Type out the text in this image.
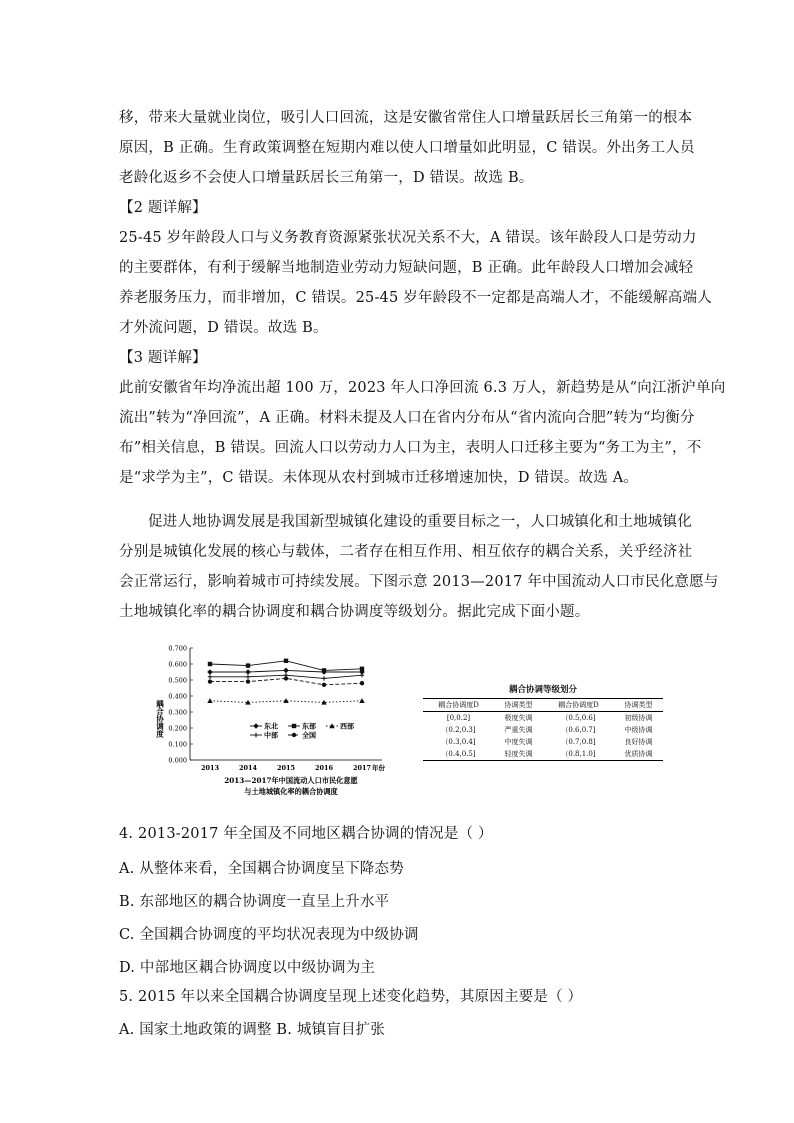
移，带来大量就业岗位，吸引人口回流，这是安徽省常住人口增量跃居长三角第一的根本
原因，B 正确。生育政策调整在短期内难以使人口增量如此明显，C 错误。外出务工人员
老龄化返乡不会使人口增量跃居长三角第一，D 错误。故选 B。
【2 题详解】
25-45 岁年龄段人口与义务教育资源紧张状况关系不大，A 错误。该年龄段人口是劳动力
的主要群体，有利于缓解当地制造业劳动力短缺问题，B 正确。此年龄段人口增加会减轻
养老服务压力，而非增加，C 错误。25-45 岁年龄段不一定都是高端人才，不能缓解高端人
才外流问题，D 错误。故选 B。
【3 题详解】
此前安徽省年均净流出超 100 万，2023 年人口净回流 6.3 万人，新趋势是从“向江浙沪单向
流出”转为“净回流”，A 正确。材料未提及人口在省内分布从“省内流向合肥”转为“均衡分
布”相关信息，B 错误。回流人口以劳动力人口为主，表明人口迁移主要为“务工为主”，不
是“求学为主”，C 错误。未体现从农村到城市迁移增速加快，D 错误。故选 A。
促进人地协调发展是我国新型城镇化建设的重要目标之一，人口城镇化和土地城镇化
分别是城镇化发展的核心与载体，二者存在相互作用、相互依存的耦合关系，关乎经济社
会正常运行，影响着城市可持续发展。下图示意 2013—2017 年中国流动人口市民化意愿与
土地城镇化率的耦合协调度和耦合协调度等级划分。据此完成下面小题。
4. 2013-2017 年全国及不同地区耦合协调的情况是（ ）
A. 从整体来看，全国耦合协调度呈下降态势
B. 东部地区的耦合协调度一直呈上升水平
C. 全国耦合协调度的平均状况表现为中级协调
D. 中部地区耦合协调度以中级协调为主
5. 2015 年以来全国耦合协调度呈现上述变化趋势，其原因主要是（ ）
A. 国家土地政策的调整 B. 城镇盲目扩张
0.000
0.100
0.200
0.300
0.400
0.500
0.600
0.700
耦合协调度
2013	2014	2015	2016	2017 年份
2013—2017年中国流动人口市民化意愿
与土地城镇化率的耦合协调度
东北	东部	西部
中部	全国
耦合协调等级划分
耦合协调度D	协调类型	耦合协调度D	协调类型
[0,0.2]	极度失调	（0.5,0.6]	初级协调
（0.2,0.3]	严重失调	（0.6,0.7]	中级协调
（0.3,0.4]	中度失调	（0.7,0.8]	良好协调
（0.4,0.5]	轻度失调	（0.8,1.0]	优质协调
